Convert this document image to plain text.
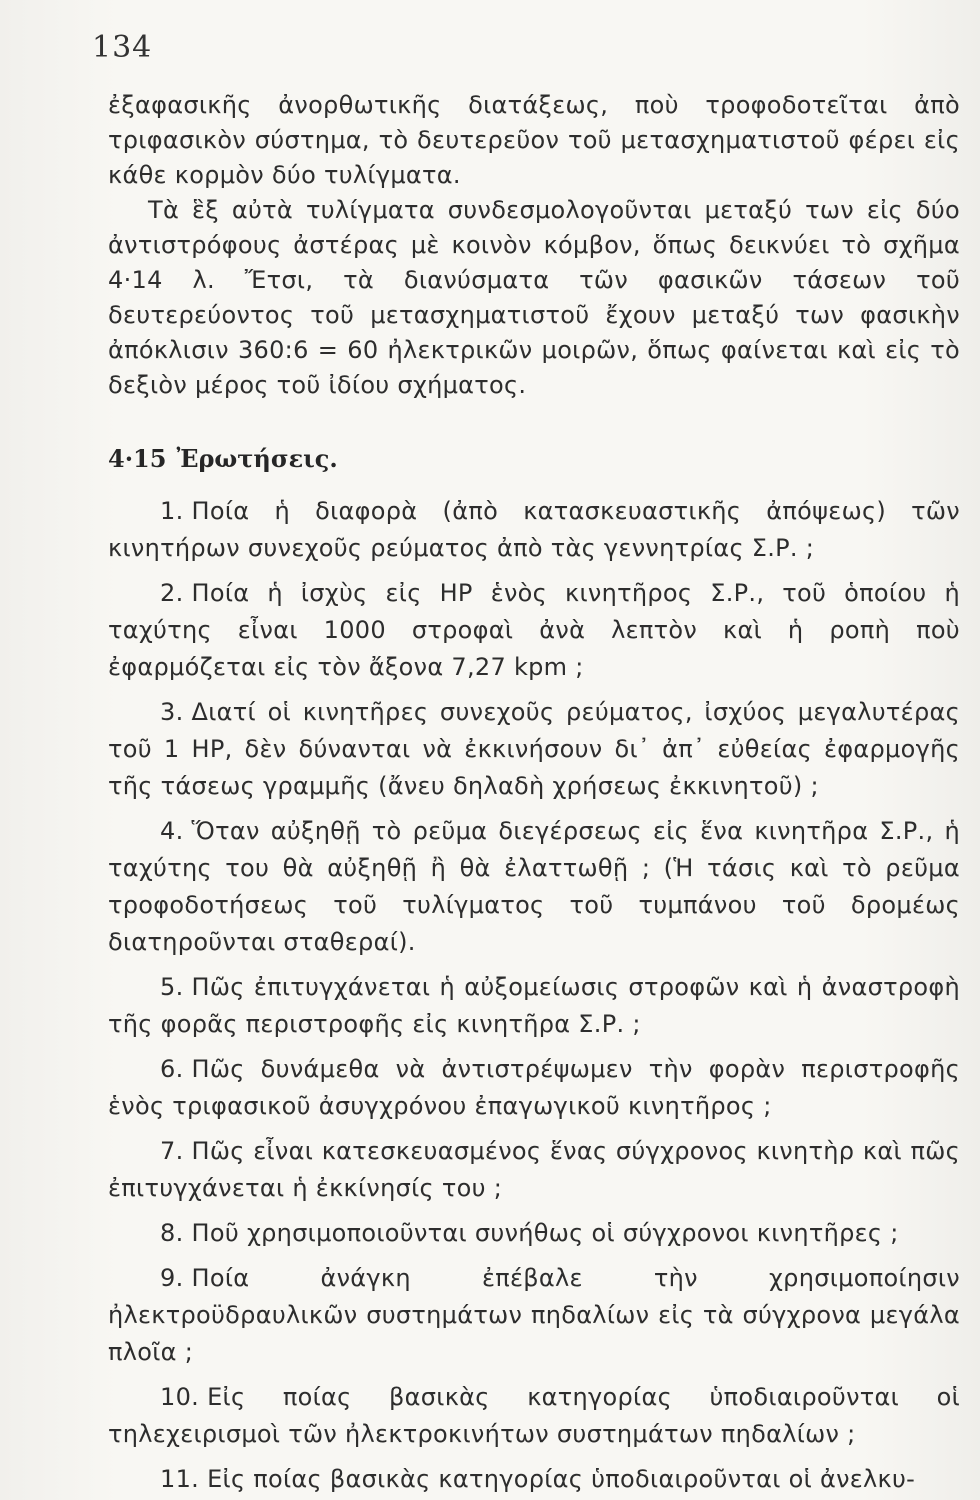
134

ἐξαφασικῆς ἀνορθωτικῆς διατάξεως, ποὺ τροφοδοτεῖται ἀπὸ τριφασικὸν σύστημα, τὸ δευτερεῦον τοῦ μετασχηματιστοῦ φέρει εἰς κάθε κορμὸν δύο τυλίγματα.

Τὰ ἓξ αὐτὰ τυλίγματα συνδεσμολογοῦνται μεταξύ των εἰς δύο ἀντιστρόφους ἀστέρας μὲ κοινὸν κόμβον, ὅπως δεικνύει τὸ σχῆμα 4·14 λ. Ἔτσι, τὰ διανύσματα τῶν φασικῶν τάσεων τοῦ δευτερεύοντος τοῦ μετασχηματιστοῦ ἔχουν μεταξύ των φασικὴν ἀπόκλισιν 360:6 = 60 ἠλεκτρικῶν μοιρῶν, ὅπως φαίνεται καὶ εἰς τὸ δεξιὸν μέρος τοῦ ἰδίου σχήματος.

4·15 Ἐρωτήσεις.
1. Ποία ἡ διαφορὰ (ἀπὸ κατασκευαστικῆς ἀπόψεως) τῶν κινητήρων συνεχοῦς ρεύματος ἀπὸ τὰς γεννητρίας Σ.Ρ. ;
2. Ποία ἡ ἰσχὺς εἰς HP ἑνὸς κινητῆρος Σ.Ρ., τοῦ ὁποίου ἡ ταχύτης εἶναι 1000 στροφαὶ ἀνὰ λεπτὸν καὶ ἡ ροπὴ ποὺ ἐφαρμόζεται εἰς τὸν ἄξονα 7,27 kpm ;
3. Διατί οἱ κινητῆρες συνεχοῦς ρεύματος, ἰσχύος μεγαλυτέρας τοῦ 1 HP, δὲν δύνανται νὰ ἐκκινήσουν δι᾿ ἀπ᾿ εὐθείας ἐφαρμογῆς τῆς τάσεως γραμμῆς (ἄνευ δηλαδὴ χρήσεως ἐκκινητοῦ) ;
4. Ὅταν αὐξηθῇ τὸ ρεῦμα διεγέρσεως εἰς ἕνα κινητῆρα Σ.Ρ., ἡ ταχύτης του θὰ αὐξηθῇ ἢ θὰ ἐλαττωθῇ ; (Ἡ τάσις καὶ τὸ ρεῦμα τροφοδοτήσεως τοῦ τυλίγματος τοῦ τυμπάνου τοῦ δρομέως διατηροῦνται σταθεραί).
5. Πῶς ἐπιτυγχάνεται ἡ αὐξομείωσις στροφῶν καὶ ἡ ἀναστροφὴ τῆς φορᾶς περιστροφῆς εἰς κινητῆρα Σ.Ρ. ;
6. Πῶς δυνάμεθα νὰ ἀντιστρέψωμεν τὴν φορὰν περιστροφῆς ἑνὸς τριφασικοῦ ἀσυγχρόνου ἐπαγωγικοῦ κινητῆρος ;
7. Πῶς εἶναι κατεσκευασμένος ἕνας σύγχρονος κινητὴρ καὶ πῶς ἐπιτυγχάνεται ἡ ἐκκίνησίς του ;
8. Ποῦ χρησιμοποιοῦνται συνήθως οἱ σύγχρονοι κινητῆρες ;
9. Ποία ἀνάγκη ἐπέβαλε τὴν χρησιμοποίησιν ἠλεκτροϋδραυλικῶν συστημάτων πηδαλίων εἰς τὰ σύγχρονα μεγάλα πλοῖα ;
10. Εἰς ποίας βασικὰς κατηγορίας ὑποδιαιροῦνται οἱ τηλεχειρισμοὶ τῶν ἠλεκτροκινήτων συστημάτων πηδαλίων ;
11. Εἰς ποίας βασικὰς κατηγορίας ὑποδιαιροῦνται οἱ ἀνελκυ-
